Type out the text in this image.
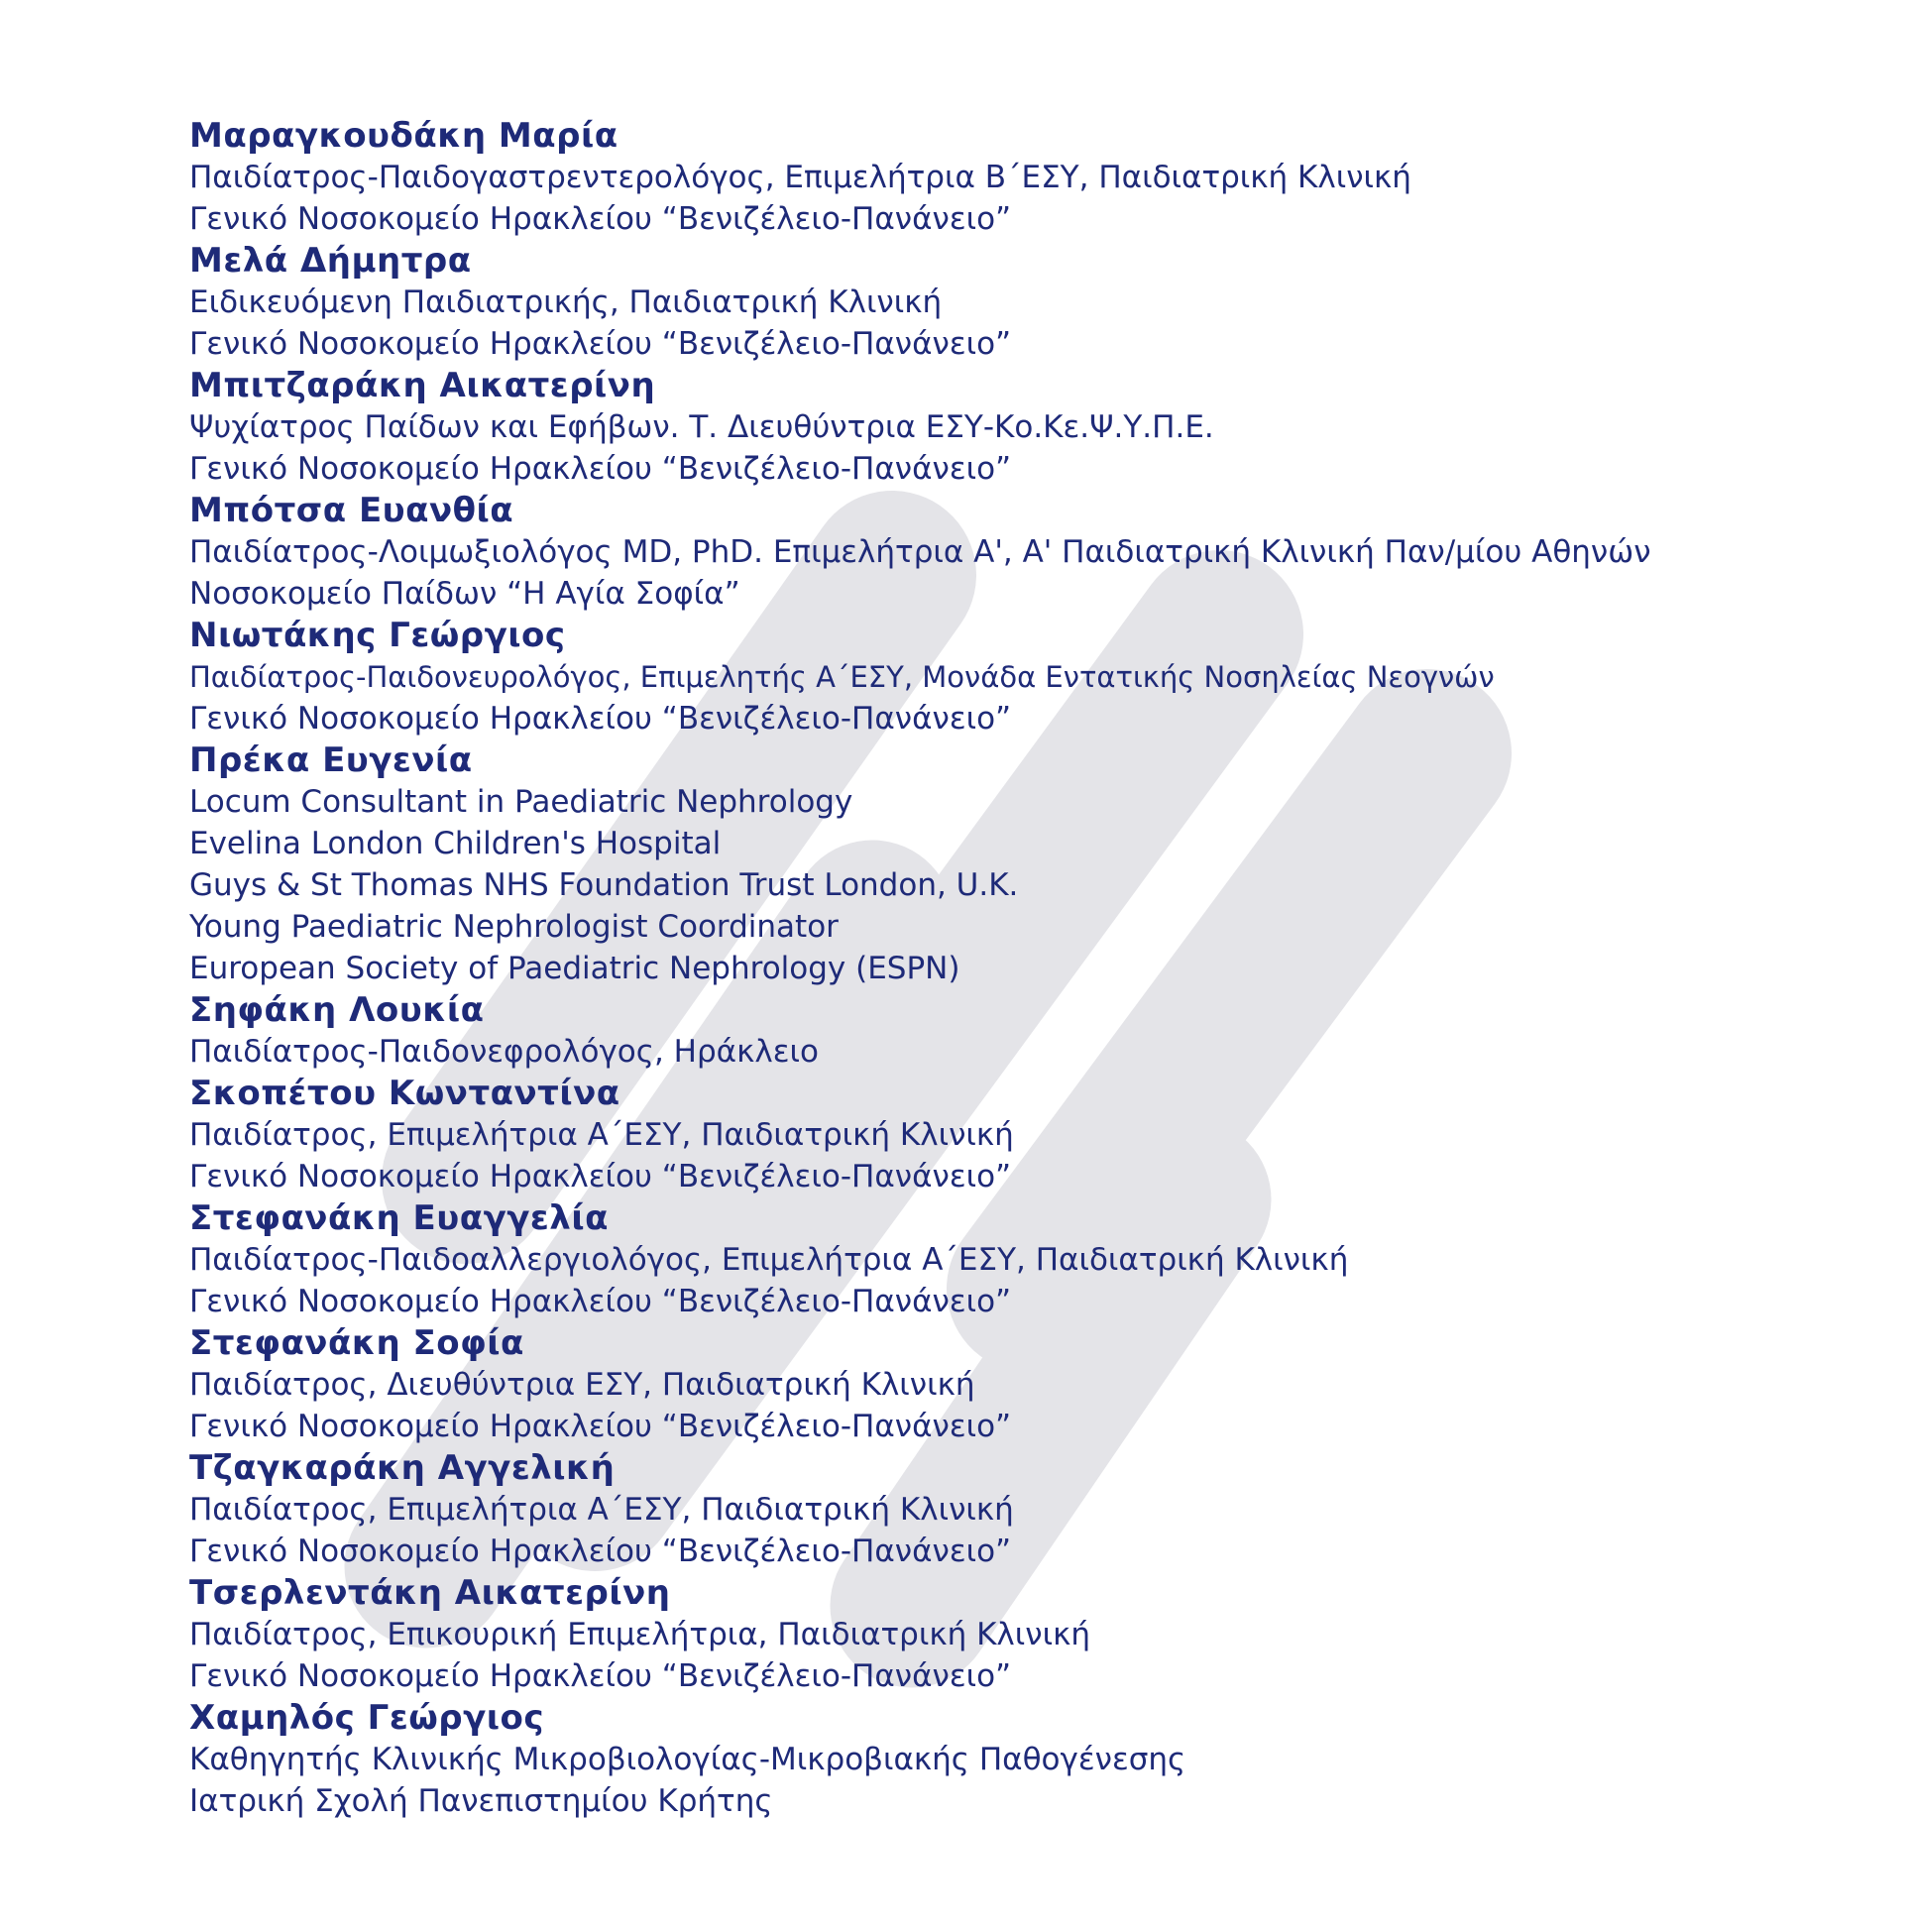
Μαραγκουδάκη Μαρία
Παιδίατρος-Παιδογαστρεντερολόγος, Επιμελήτρια Β΄ΕΣΥ, Παιδιατρική Κλινική
Γενικό Νοσοκομείο Ηρακλείου “Βενιζέλειο-Πανάνειο”
Μελά Δήμητρα
Ειδικευόμενη Παιδιατρικής, Παιδιατρική Κλινική
Γενικό Νοσοκομείο Ηρακλείου “Βενιζέλειο-Πανάνειο”
Μπιτζαράκη Αικατερίνη
Ψυχίατρος Παίδων και Εφήβων. Τ. Διευθύντρια ΕΣΥ-Κο.Κε.Ψ.Υ.Π.Ε.
Γενικό Νοσοκομείο Ηρακλείου “Βενιζέλειο-Πανάνειο”
Μπότσα Ευανθία
Παιδίατρος-Λοιμωξιολόγος MD, PhD. Επιμελήτρια Α', Α' Παιδιατρική Κλινική Παν/μίου Αθηνών
Νοσοκομείο Παίδων “Η Αγία Σοφία”
Νιωτάκης Γεώργιος
Παιδίατρος-Παιδονευρολόγος, Επιμελητής Α΄ΕΣΥ, Μονάδα Εντατικής Νοσηλείας Νεογνών
Γενικό Νοσοκομείο Ηρακλείου “Βενιζέλειο-Πανάνειο”
Πρέκα Ευγενία
Locum Consultant in Paediatric Nephrology
Evelina London Children's Hospital
Guys & St Thomas NHS Foundation Trust London, U.K.
Young Paediatric Nephrologist Coordinator
European Society of Paediatric Nephrology (ESPN)
Σηφάκη Λουκία
Παιδίατρος-Παιδονεφρολόγος, Ηράκλειο
Σκοπέτου Κωνταντίνα
Παιδίατρος, Επιμελήτρια Α΄ΕΣΥ, Παιδιατρική Κλινική
Γενικό Νοσοκομείο Ηρακλείου “Βενιζέλειο-Πανάνειο”
Στεφανάκη Ευαγγελία
Παιδίατρος-Παιδοαλλεργιολόγος, Επιμελήτρια Α΄ΕΣΥ, Παιδιατρική Κλινική
Γενικό Νοσοκομείο Ηρακλείου “Βενιζέλειο-Πανάνειο”
Στεφανάκη Σοφία
Παιδίατρος, Διευθύντρια ΕΣΥ, Παιδιατρική Κλινική
Γενικό Νοσοκομείο Ηρακλείου “Βενιζέλειο-Πανάνειο”
Τζαγκαράκη Αγγελική
Παιδίατρος, Επιμελήτρια Α΄ΕΣΥ, Παιδιατρική Κλινική
Γενικό Νοσοκομείο Ηρακλείου “Βενιζέλειο-Πανάνειο”
Τσερλεντάκη Αικατερίνη
Παιδίατρος, Επικουρική Επιμελήτρια, Παιδιατρική Κλινική
Γενικό Νοσοκομείο Ηρακλείου “Βενιζέλειο-Πανάνειο”
Χαμηλός Γεώργιος
Καθηγητής Κλινικής Μικροβιολογίας-Μικροβιακής Παθογένεσης
Ιατρική Σχολή Πανεπιστημίου Κρήτης
